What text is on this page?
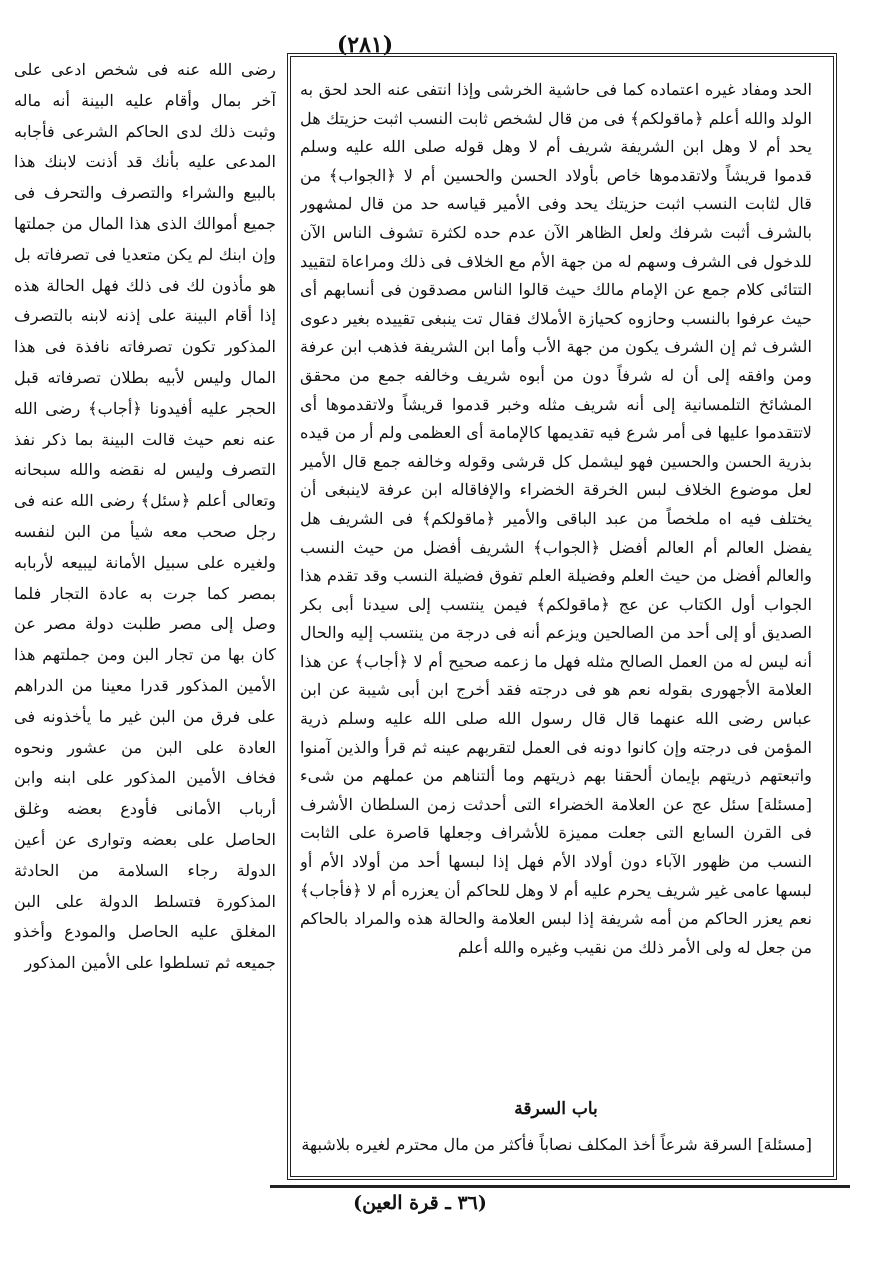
(٢٨١)

رضى الله عنه فى شخص ادعى على آخر بمال وأقام عليه البينة أنه ماله وثبت ذلك لدى الحاكم الشرعى فأجابه المدعى عليه بأنك قد أذنت لابنك هذا بالبيع والشراء والتصرف والتحرف فى جميع أموالك الذى هذا المال من جملتها وإن ابنك لم يكن متعديا فى تصرفاته بل هو مأذون لك فى ذلك فهل الحالة هذه إذا أقام البينة على إذنه لابنه بالتصرف المذكور تكون تصرفاته نافذة فى هذا المال وليس لأبيه بطلان تصرفاته قبل الحجر عليه أفيدونا ﴿أجاب﴾ رضى الله عنه نعم حيث قالت البينة بما ذكر نفذ التصرف وليس له نقضه والله سبحانه وتعالى أعلم ﴿سئل﴾ رضى الله عنه فى رجل صحب معه شيأ من البن لنفسه ولغيره على سبيل الأمانة ليبيعه لأربابه بمصر كما جرت به عادة التجار فلما وصل إلى مصر طلبت دولة مصر عن كان بها من تجار البن ومن جملتهم هذا الأمين المذكور قدرا معينا من الدراهم على فرق من البن غير ما يأخذونه فى العادة على البن من عشور ونحوه فخاف الأمين المذكور على ابنه وابن أرباب الأمانى فأودع بعضه وغلق الحاصل على بعضه وتوارى عن أعين الدولة رجاء السلامة من الحادثة المذكورة فتسلط الدولة على البن المغلق عليه الحاصل والمودع وأخذو جميعه ثم تسلطوا على الأمين المذكور

الحد ومفاد غيره اعتماده كما فى حاشية الخرشى وإذا انتفى عنه الحد لحق به الولد والله أعلم ﴿ماقولكم﴾ فى من قال لشخص ثابت النسب اثبت حزيتك هل يحد أم لا وهل ابن الشريفة شريف أم لا وهل قوله صلى الله عليه وسلم قدموا قريشاً ولاتقدموها خاص بأولاد الحسن والحسين أم لا ﴿الجواب﴾ من قال لثابت النسب اثبت حزيتك يحد وفى الأمير قياسه حد من قال لمشهور بالشرف أثبت شرفك ولعل الظاهر الآن عدم حده لكثرة تشوف الناس الآن للدخول فى الشرف وسهم له من جهة الأم مع الخلاف فى ذلك ومراعاة لتقييد التتائى كلام جمع عن الإمام مالك حيث قالوا الناس مصدقون فى أنسابهم أى حيث عرفوا بالنسب وحازوه كحيازة الأملاك فقال تت ينبغى تقييده بغير دعوى الشرف ثم إن الشرف يكون من جهة الأب وأما ابن الشريفة فذهب ابن عرفة ومن وافقه إلى أن له شرفاً دون من أبوه شريف وخالفه جمع من محقق المشائخ التلمسانية إلى أنه شريف مثله وخبر قدموا قريشاً ولاتقدموها أى لاتتقدموا عليها فى أمر شرع فيه تقديمها كالإمامة أى العظمى ولم أر من قيده بذرية الحسن والحسين فهو ليشمل كل قرشى وقوله وخالفه جمع قال الأمير لعل موضوع الخلاف لبس الخرقة الخضراء والإفاقاله ابن عرفة لاينبغى أن يختلف فيه اه ملخصاً من عبد الباقى والأمير ﴿ماقولكم﴾ فى الشريف هل يفضل العالم أم العالم أفضل ﴿الجواب﴾ الشريف أفضل من حيث النسب والعالم أفضل من حيث العلم وفضيلة العلم تفوق فضيلة النسب وقد تقدم هذا الجواب أول الكتاب عن عج ﴿ماقولكم﴾ فيمن ينتسب إلى سيدنا أبى بكر الصديق أو إلى أحد من الصالحين ويزعم أنه فى درجة من ينتسب إليه والحال أنه ليس له من العمل الصالح مثله فهل ما زعمه صحيح أم لا ﴿أجاب﴾ عن هذا العلامة الأجهورى بقوله نعم هو فى درجته فقد أخرج ابن أبى شيبة عن ابن عباس رضى الله عنهما قال قال رسول الله صلى الله عليه وسلم ذرية المؤمن فى درجته وإن كانوا دونه فى العمل لتقربهم عينه ثم قرأ والذين آمنوا واتبعتهم ذريتهم بإيمان ألحقنا بهم ذريتهم وما ألتناهم من عملهم من شىء [مسئلة] سئل عج عن العلامة الخضراء التى أحدثت زمن السلطان الأشرف فى القرن السابع التى جعلت مميزة للأشراف وجعلها قاصرة على الثابت النسب من ظهور الآباء دون أولاد الأم فهل إذا لبسها أحد من أولاد الأم أو لبسها عامى غير شريف يحرم عليه أم لا وهل للحاكم أن يعزره أم لا ﴿فأجاب﴾ نعم يعزر الحاكم من أمه شريفة إذا لبس العلامة والحالة هذه والمراد بالحاكم من جعل له ولى الأمر ذلك من نقيب وغيره والله أعلم

باب السرقة
[مسئلة] السرقة شرعاً أخذ المكلف نصاباً فأكثر من مال محترم لغيره بلاشبهة
(٣٦ ـ قرة العين)
